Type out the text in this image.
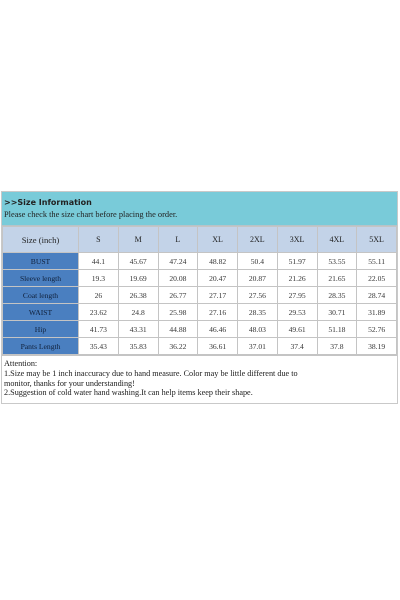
>>Size Information
Please check the size chart before placing the order.
Size (inch)	S	M	L	XL	2XL	3XL	4XL	5XL
BUST	44.1	45.67	47.24	48.82	50.4	51.97	53.55	55.11
Sleeve length	19.3	19.69	20.08	20.47	20.87	21.26	21.65	22.05
Coat length	26	26.38	26.77	27.17	27.56	27.95	28.35	28.74
WAIST	23.62	24.8	25.98	27.16	28.35	29.53	30.71	31.89
Hip	41.73	43.31	44.88	46.46	48.03	49.61	51.18	52.76
Pants Length	35.43	35.83	36.22	36.61	37.01	37.4	37.8	38.19
Attention:
1.Size may be 1 inch inaccuracy due to hand measure. Color may be little different due to
monitor, thanks for your understanding!
2.Suggestion of cold water hand washing.It can help items keep their shape.
